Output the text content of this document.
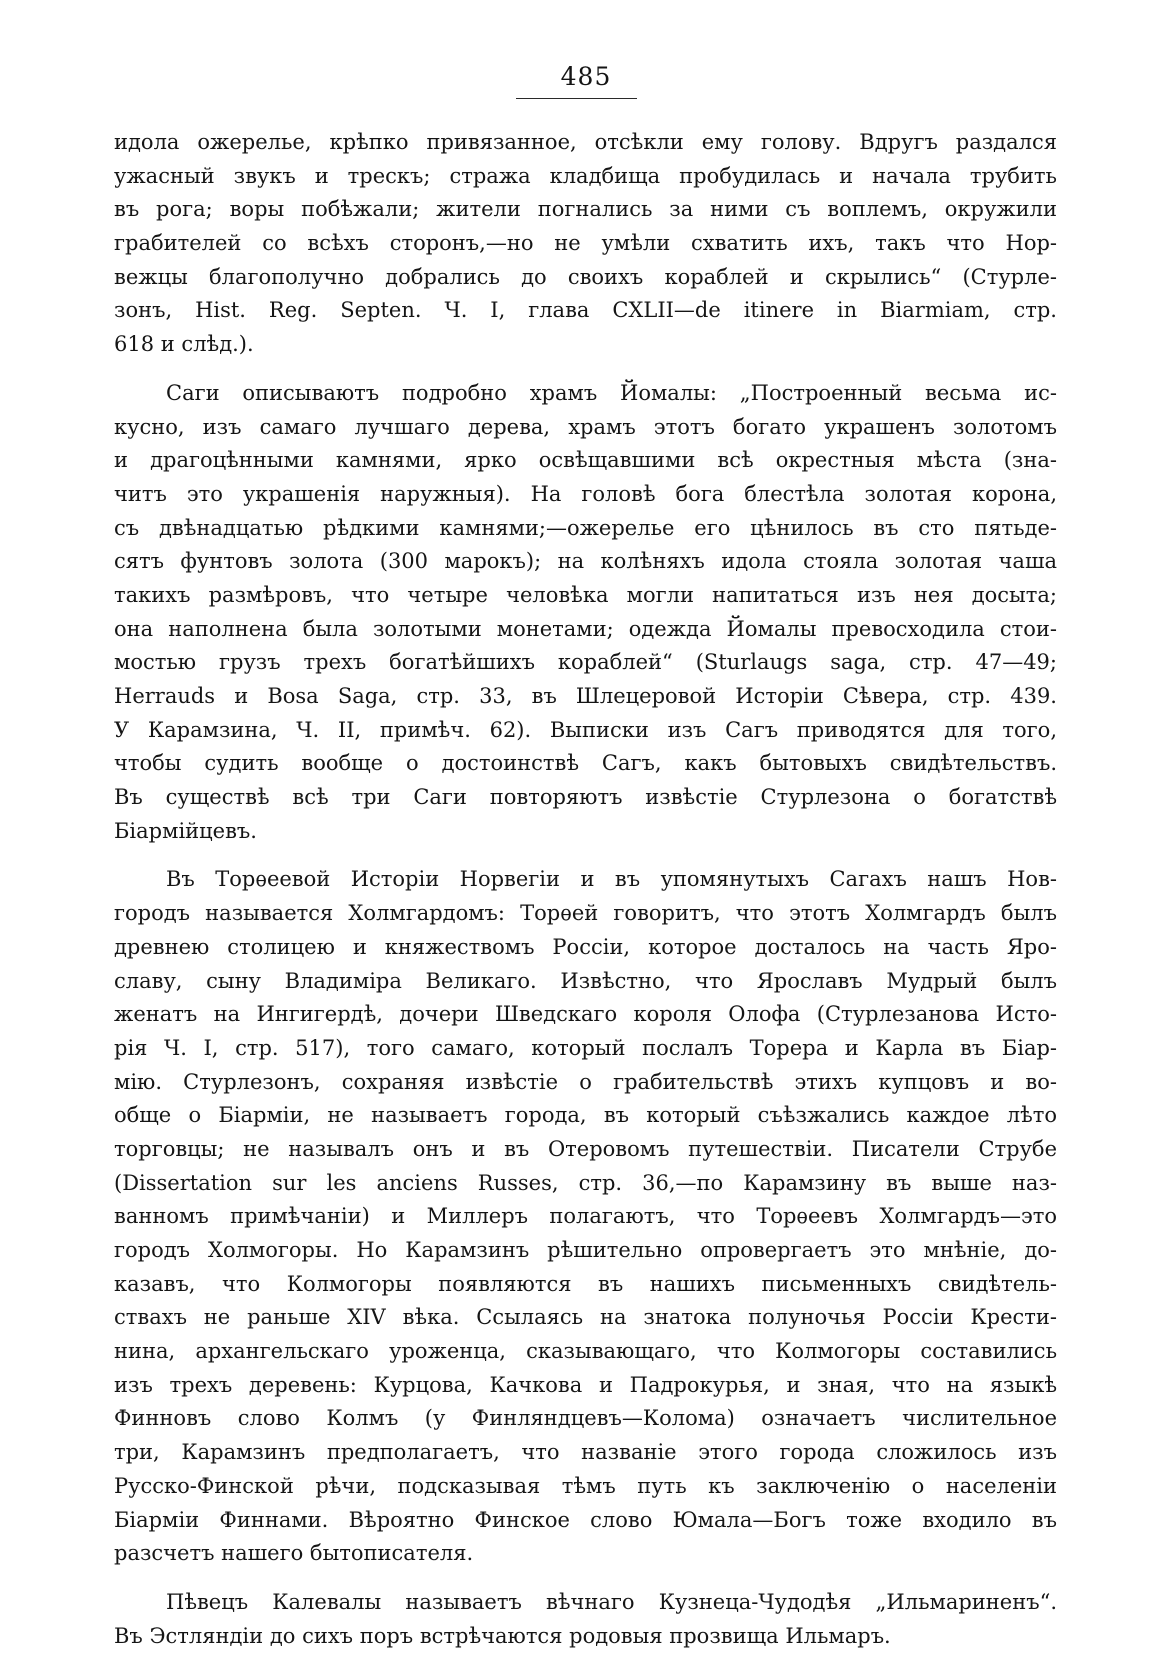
485
идола ожерелье, крѣпко привязанное, отсѣкли ему голову. Вдругъ раздался
ужасный звукъ и трескъ; стража кладбища пробудилась и начала трубить
въ рога; воры побѣжали; жители погнались за ними съ воплемъ, окружили
грабителей со всѣхъ сторонъ,—но не умѣли схватить ихъ, такъ что Нор-
вежцы благополучно добрались до своихъ кораблей и скрылись“ (Стурле-
зонъ, Hist. Reg. Septen. Ч. I, глава CXLII—de itinere in Biarmiam, стр.
618 и слѣд.).
Саги описываютъ подробно храмъ Йомалы: „Построенный весьма ис-
кусно, изъ самаго лучшаго дерева, храмъ этотъ богато украшенъ золотомъ
и драгоцѣнными камнями, ярко освѣщавшими всѣ окрестныя мѣста (зна-
читъ это украшенія наружныя). На головѣ бога блестѣла золотая корона,
съ двѣнадцатью рѣдкими камнями;—ожерелье его цѣнилось въ сто пятьде-
сятъ фунтовъ золота (300 марокъ); на колѣняхъ идола стояла золотая чаша
такихъ размѣровъ, что четыре человѣка могли напитаться изъ нея досыта;
она наполнена была золотыми монетами; одежда Йомалы превосходила стои-
мостью грузъ трехъ богатѣйшихъ кораблей“ (Sturlaugs saga, стр. 47—49;
Herrauds и Bosa Saga, стр. 33, въ Шлецеровой Исторіи Сѣвера, стр. 439.
У Карамзина, Ч. II, примѣч. 62). Выписки изъ Сагъ приводятся для того,
чтобы судить вообще о достоинствѣ Сагъ, какъ бытовыхъ свидѣтельствъ.
Въ существѣ всѣ три Саги повторяютъ извѣстіе Стурлезона о богатствѣ
Біармійцевъ.
Въ Торѳеевой Исторіи Норвегіи и въ упомянутыхъ Сагахъ нашъ Нов-
городъ называется Холмгардомъ: Торѳей говоритъ, что этотъ Холмгардъ былъ
древнею столицею и княжествомъ Россіи, которое досталось на часть Яро-
славу, сыну Владиміра Великаго. Извѣстно, что Ярославъ Мудрый былъ
женатъ на Ингигердѣ, дочери Шведскаго короля Олофа (Стурлезанова Исто-
рія Ч. I, стр. 517), того самаго, который послалъ Торера и Карла въ Біар-
мію. Стурлезонъ, сохраняя извѣстіе о грабительствѣ этихъ купцовъ и во-
обще о Біарміи, не называетъ города, въ который съѣзжались каждое лѣто
торговцы; не называлъ онъ и въ Отеровомъ путешествіи. Писатели Струбе
(Dissertation sur les anciens Russes, стр. 36,—по Карамзину въ выше наз-
ванномъ примѣчаніи) и Миллеръ полагаютъ, что Торѳеевъ Холмгардъ—это
городъ Холмогоры. Но Карамзинъ рѣшительно опровергаетъ это мнѣніе, до-
казавъ, что Колмогоры появляются въ нашихъ письменныхъ свидѣтель-
ствахъ не раньше XIV вѣка. Ссылаясь на знатока полуночья Россіи Крести-
нина, архангельскаго уроженца, сказывающаго, что Колмогоры составились
изъ трехъ деревень: Курцова, Качкова и Падрокурья, и зная, что на языкѣ
Финновъ слово Колмъ (у Финляндцевъ—Колома) означаетъ числительное
три, Карамзинъ предполагаетъ, что названіе этого города сложилось изъ
Русско-Финской рѣчи, подсказывая тѣмъ путь къ заключенію о населеніи
Біарміи Финнами. Вѣроятно Финское слово Юмала—Богъ тоже входило въ
разсчетъ нашего бытописателя.
Пѣвецъ Калевалы называетъ вѣчнаго Кузнеца-Чудодѣя „Ильмариненъ“.
Въ Эстляндіи до сихъ поръ встрѣчаются родовыя прозвища Ильмаръ.
